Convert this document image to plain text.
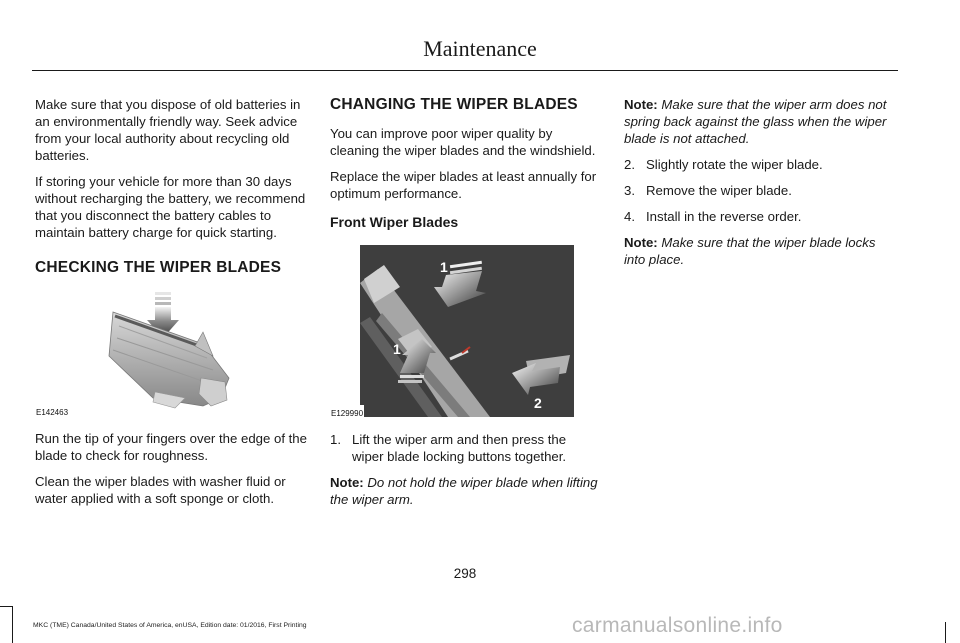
Maintenance

Make sure that you dispose of old batteries in an environmentally friendly way. Seek advice from your local authority about recycling old batteries.

If storing your vehicle for more than 30 days without recharging the battery, we recommend that you disconnect the battery cables to maintain battery charge for quick starting.

CHECKING THE WIPER BLADES
E142463

Run the tip of your fingers over the edge of the blade to check for roughness.

Clean the wiper blades with washer fluid or water applied with a soft sponge or cloth.

CHANGING THE WIPER BLADES

You can improve poor wiper quality by cleaning the wiper blades and the windshield.

Replace the wiper blades at least annually for optimum performance.

Front Wiper Blades
1
1
2
E129990
1. Lift the wiper arm and then press the wiper blade locking buttons together.

Note: Do not hold the wiper blade when lifting the wiper arm.

Note: Make sure that the wiper arm does not spring back against the glass when the wiper blade is not attached.

2. Slightly rotate the wiper blade.
3. Remove the wiper blade.
4. Install in the reverse order.

Note: Make sure that the wiper blade locks into place.

298
MKC (TME) Canada/United States of America, enUSA, Edition date: 01/2016, First Printing	carmanualsonline.info
